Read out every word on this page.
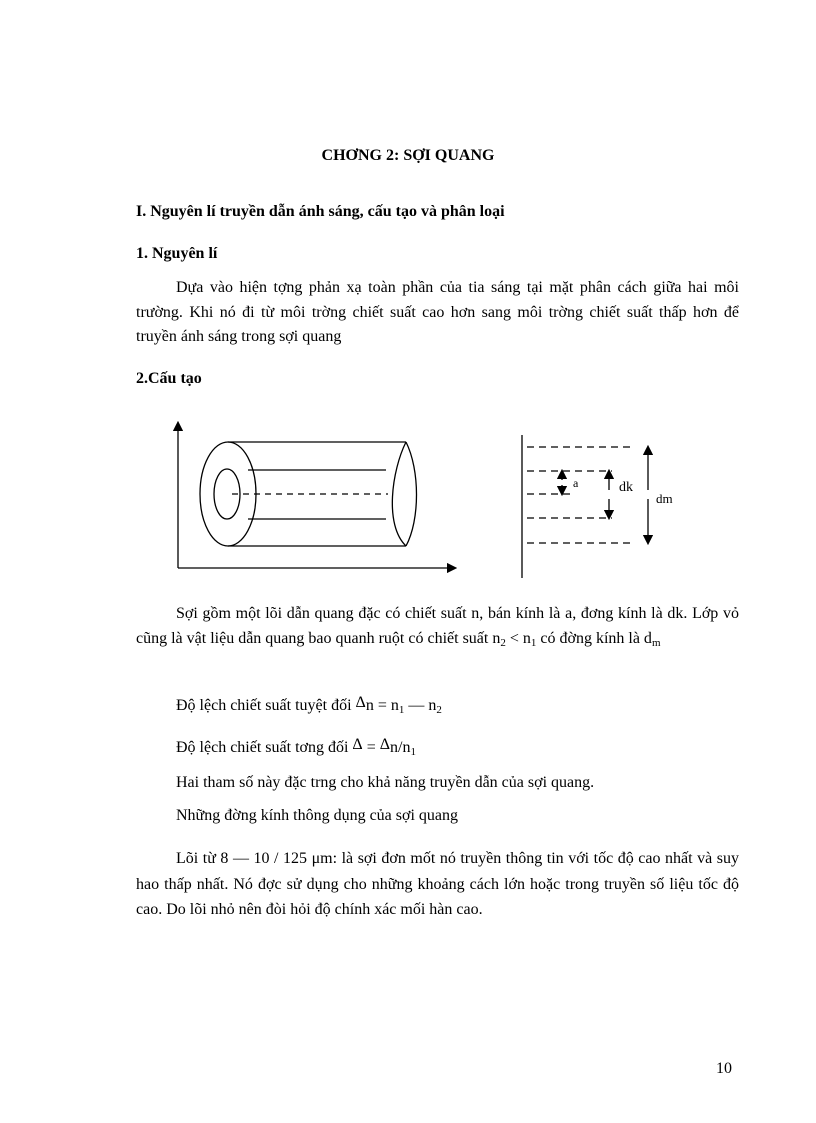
CHƠNG 2: SỢI QUANG
I. Nguyên lí truyền dẫn ánh sáng, cấu tạo và phân loại
1. Nguyên lí
Dựa vào hiện tợng phản xạ toàn phần của tia sáng tại mặt phân cách giữa hai môi trường. Khi nó đi từ môi trờng chiết suất cao hơn sang môi trờng chiết suất thấp hơn để truyền ánh sáng trong sợi quang
2.Cấu tạo
a	dk
dm
Sợi gồm một lõi dẫn quang đặc có chiết suất n, bán kính là a, đơng kính là dk. Lớp vỏ cũng là vật liệu dẫn quang bao quanh ruột có chiết suất $n_2 < n_1$ có đờng kính là $d_m$
Độ lệch chiết suất tuyệt đối $\Delta n = n_1$ — $n_2$
Độ lệch chiết suất tơng đối $\Delta = \Delta n/n_1$
Hai tham số này đặc trng cho khả năng truyền dẫn của sợi quang.
Những đờng kính thông dụng của sợi quang
Lõi từ 8 — 10 / 125 μm: là sợi đơn mốt nó truyền thông tin với tốc độ cao nhất và suy hao thấp nhất. Nó đợc sử dụng cho những khoảng cách lớn hoặc trong truyền số liệu tốc độ cao. Do lõi nhỏ nên đòi hỏi độ chính xác mối hàn cao.
10
